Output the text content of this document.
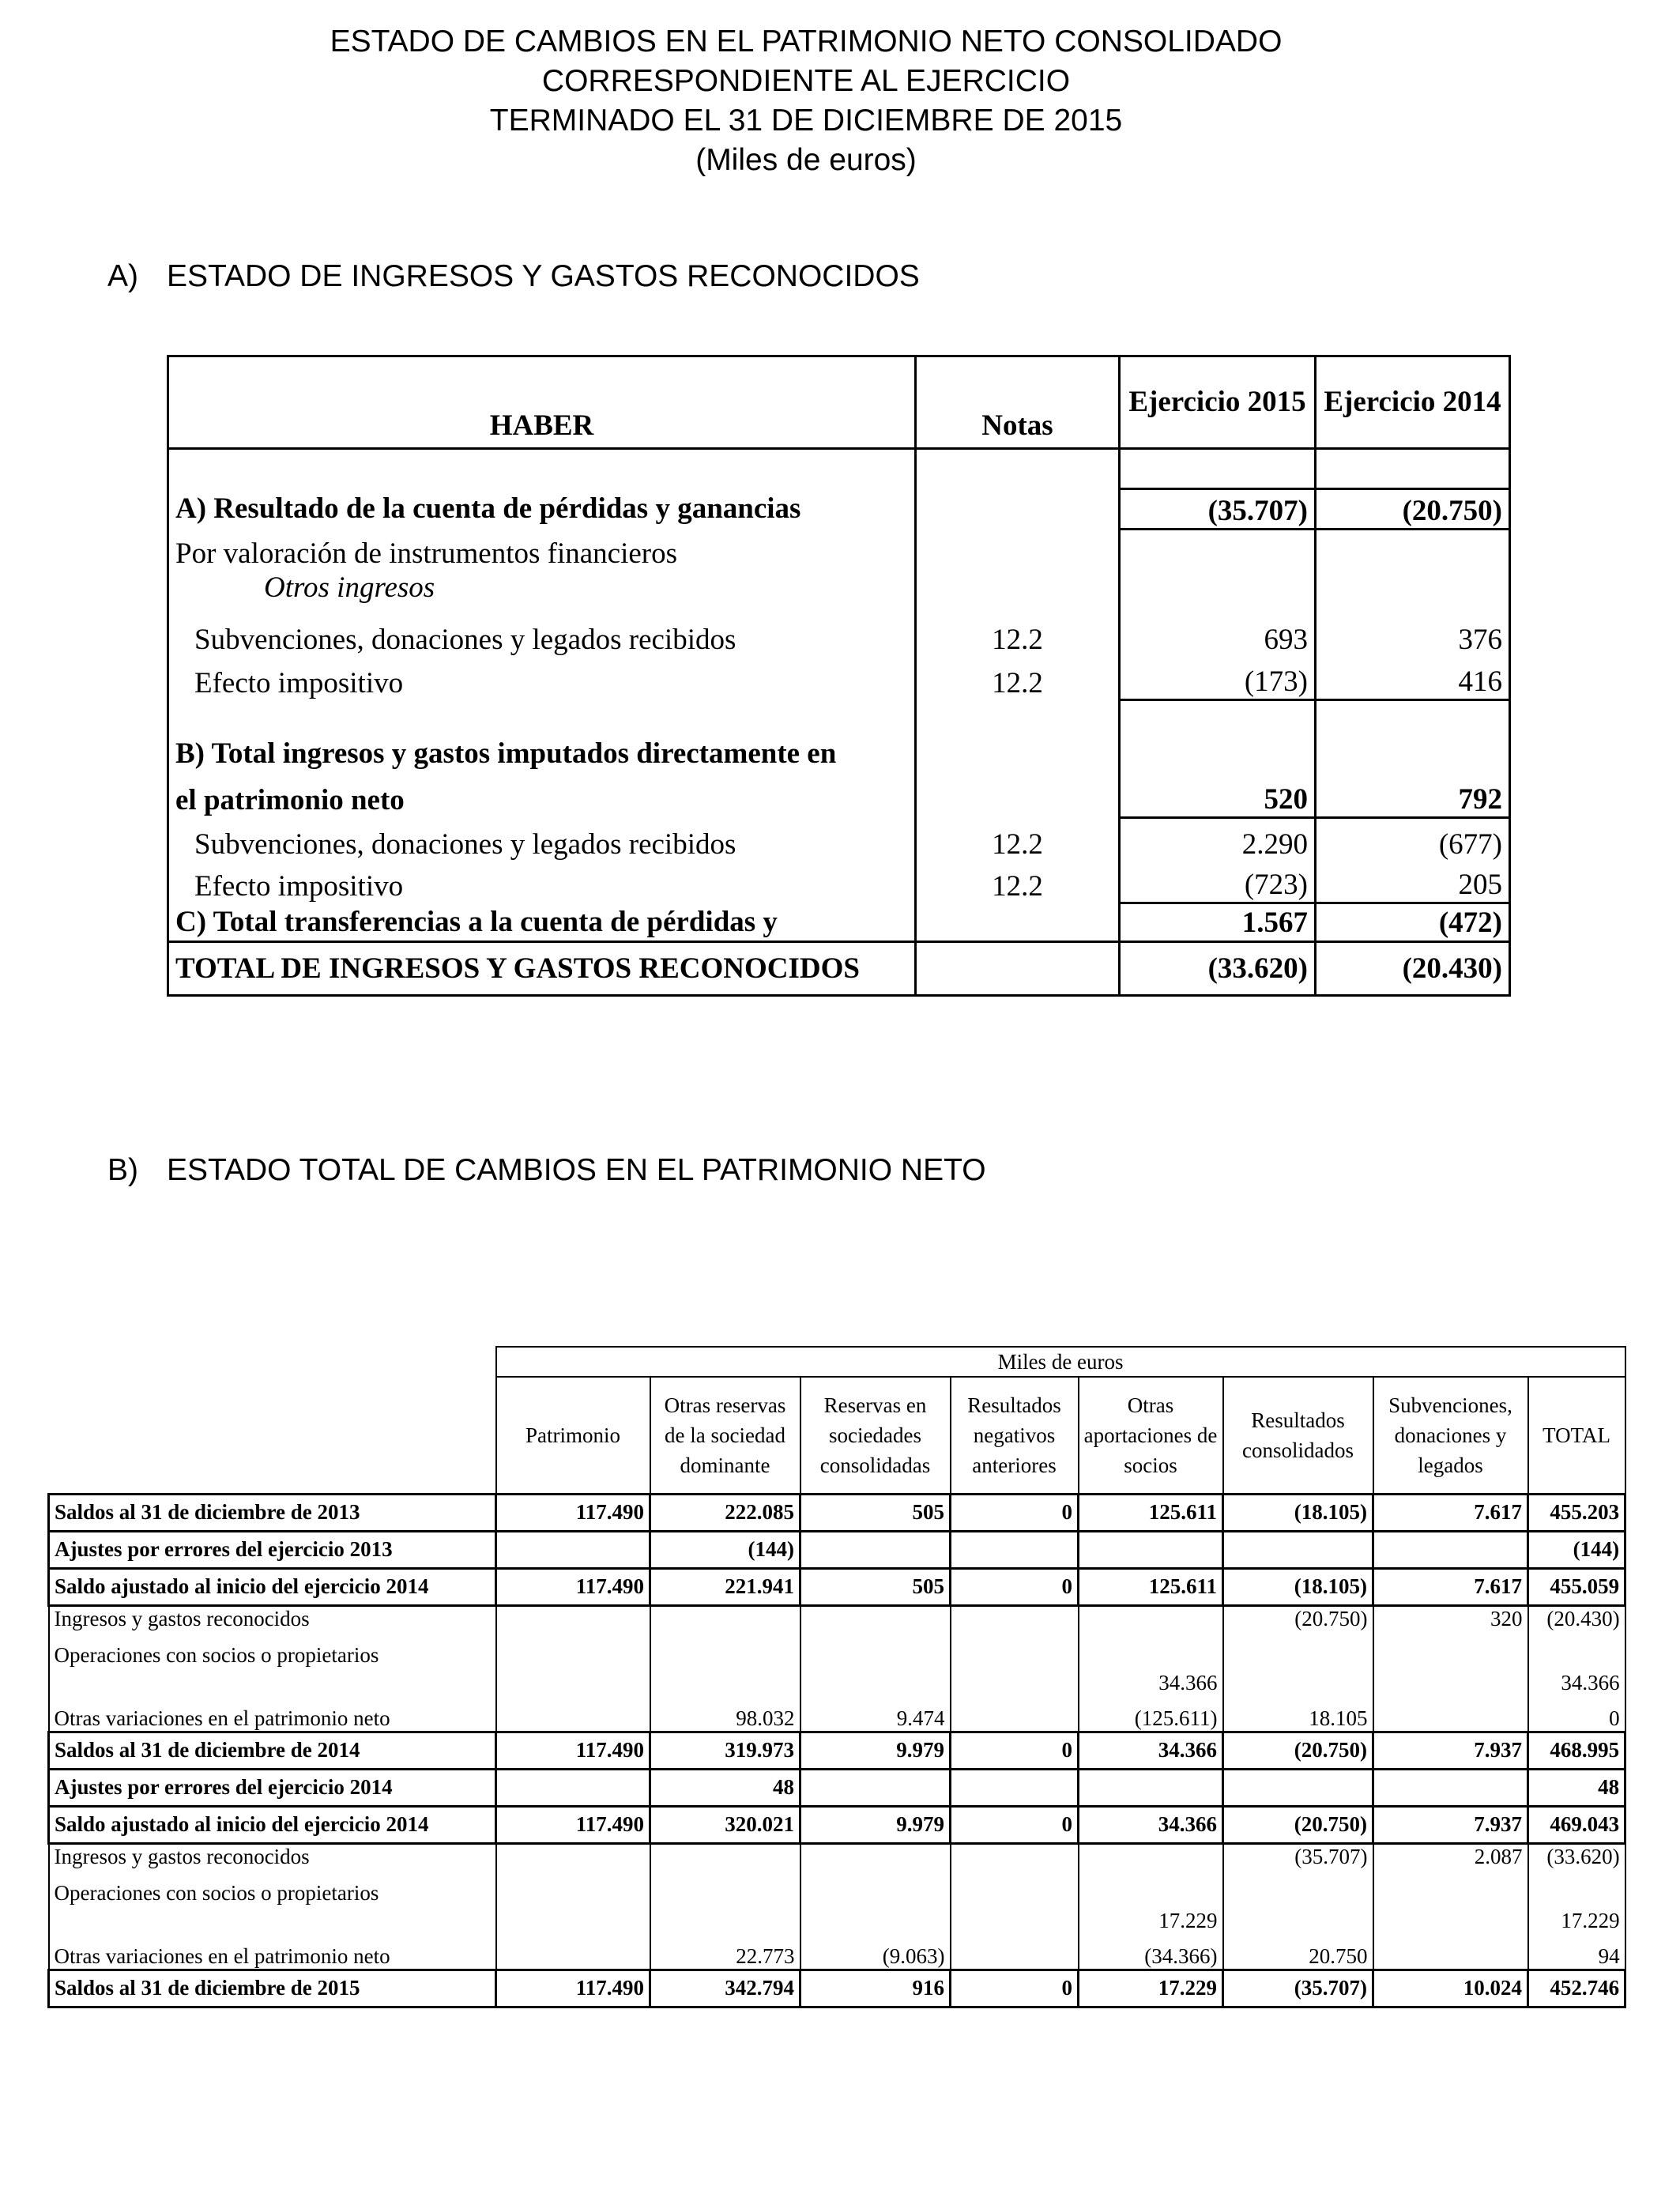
ESTADO DE CAMBIOS EN EL PATRIMONIO NETO CONSOLIDADO
CORRESPONDIENTE AL EJERCICIO
TERMINADO EL 31 DE DICIEMBRE DE 2015
(Miles de euros)
A) ESTADO DE INGRESOS Y GASTOS RECONOCIDOS
		Ejercicio 2015	Ejercicio 2014
HABER	Notas		

A) Resultado de la cuenta de pérdidas y ganancias		(35.707)	(20.750)
Por valoración de instrumentos financieros			
Otros ingresos			
Subvenciones, donaciones y legados recibidos	12.2	693	376
Efecto impositivo	12.2	(173)	416
B) Total ingresos y gastos imputados directamente en			
el patrimonio neto		520	792
Subvenciones, donaciones y legados recibidos	12.2	2.290	(677)
Efecto impositivo	12.2	(723)	205
C) Total transferencias a la cuenta de pérdidas y		1.567	(472)
TOTAL DE INGRESOS Y GASTOS RECONOCIDOS		(33.620)	(20.430)
B) ESTADO TOTAL DE CAMBIOS EN EL PATRIMONIO NETO
	Miles de euros							
	Patrimonio	Otras reservas de la sociedad dominante	Reservas en sociedades consolidadas	Resultados negativos anteriores	Otras aportaciones de socios	Resultados consolidados	Subvenciones, donaciones y legados	TOTAL
Saldos al 31 de diciembre de 2013	117.490	222.085	505	0	125.611	(18.105)	7.617	455.203
Ajustes por errores del ejercicio 2013		(144)						(144)
Saldo ajustado al inicio del ejercicio 2014	117.490	221.941	505	0	125.611	(18.105)	7.617	455.059
Ingresos y gastos reconocidos						(20.750)	320	(20.430)
Operaciones con socios o propietarios					34.366			34.366
Otras variaciones en el patrimonio neto		98.032	9.474		(125.611)	18.105		0
Saldos al 31 de diciembre de 2014	117.490	319.973	9.979	0	34.366	(20.750)	7.937	468.995
Ajustes por errores del ejercicio 2014		48						48
Saldo ajustado al inicio del ejercicio 2014	117.490	320.021	9.979	0	34.366	(20.750)	7.937	469.043
Ingresos y gastos reconocidos						(35.707)	2.087	(33.620)
Operaciones con socios o propietarios					17.229			17.229
Otras variaciones en el patrimonio neto		22.773	(9.063)		(34.366)	20.750		94
Saldos al 31 de diciembre de 2015	117.490	342.794	916	0	17.229	(35.707)	10.024	452.746
